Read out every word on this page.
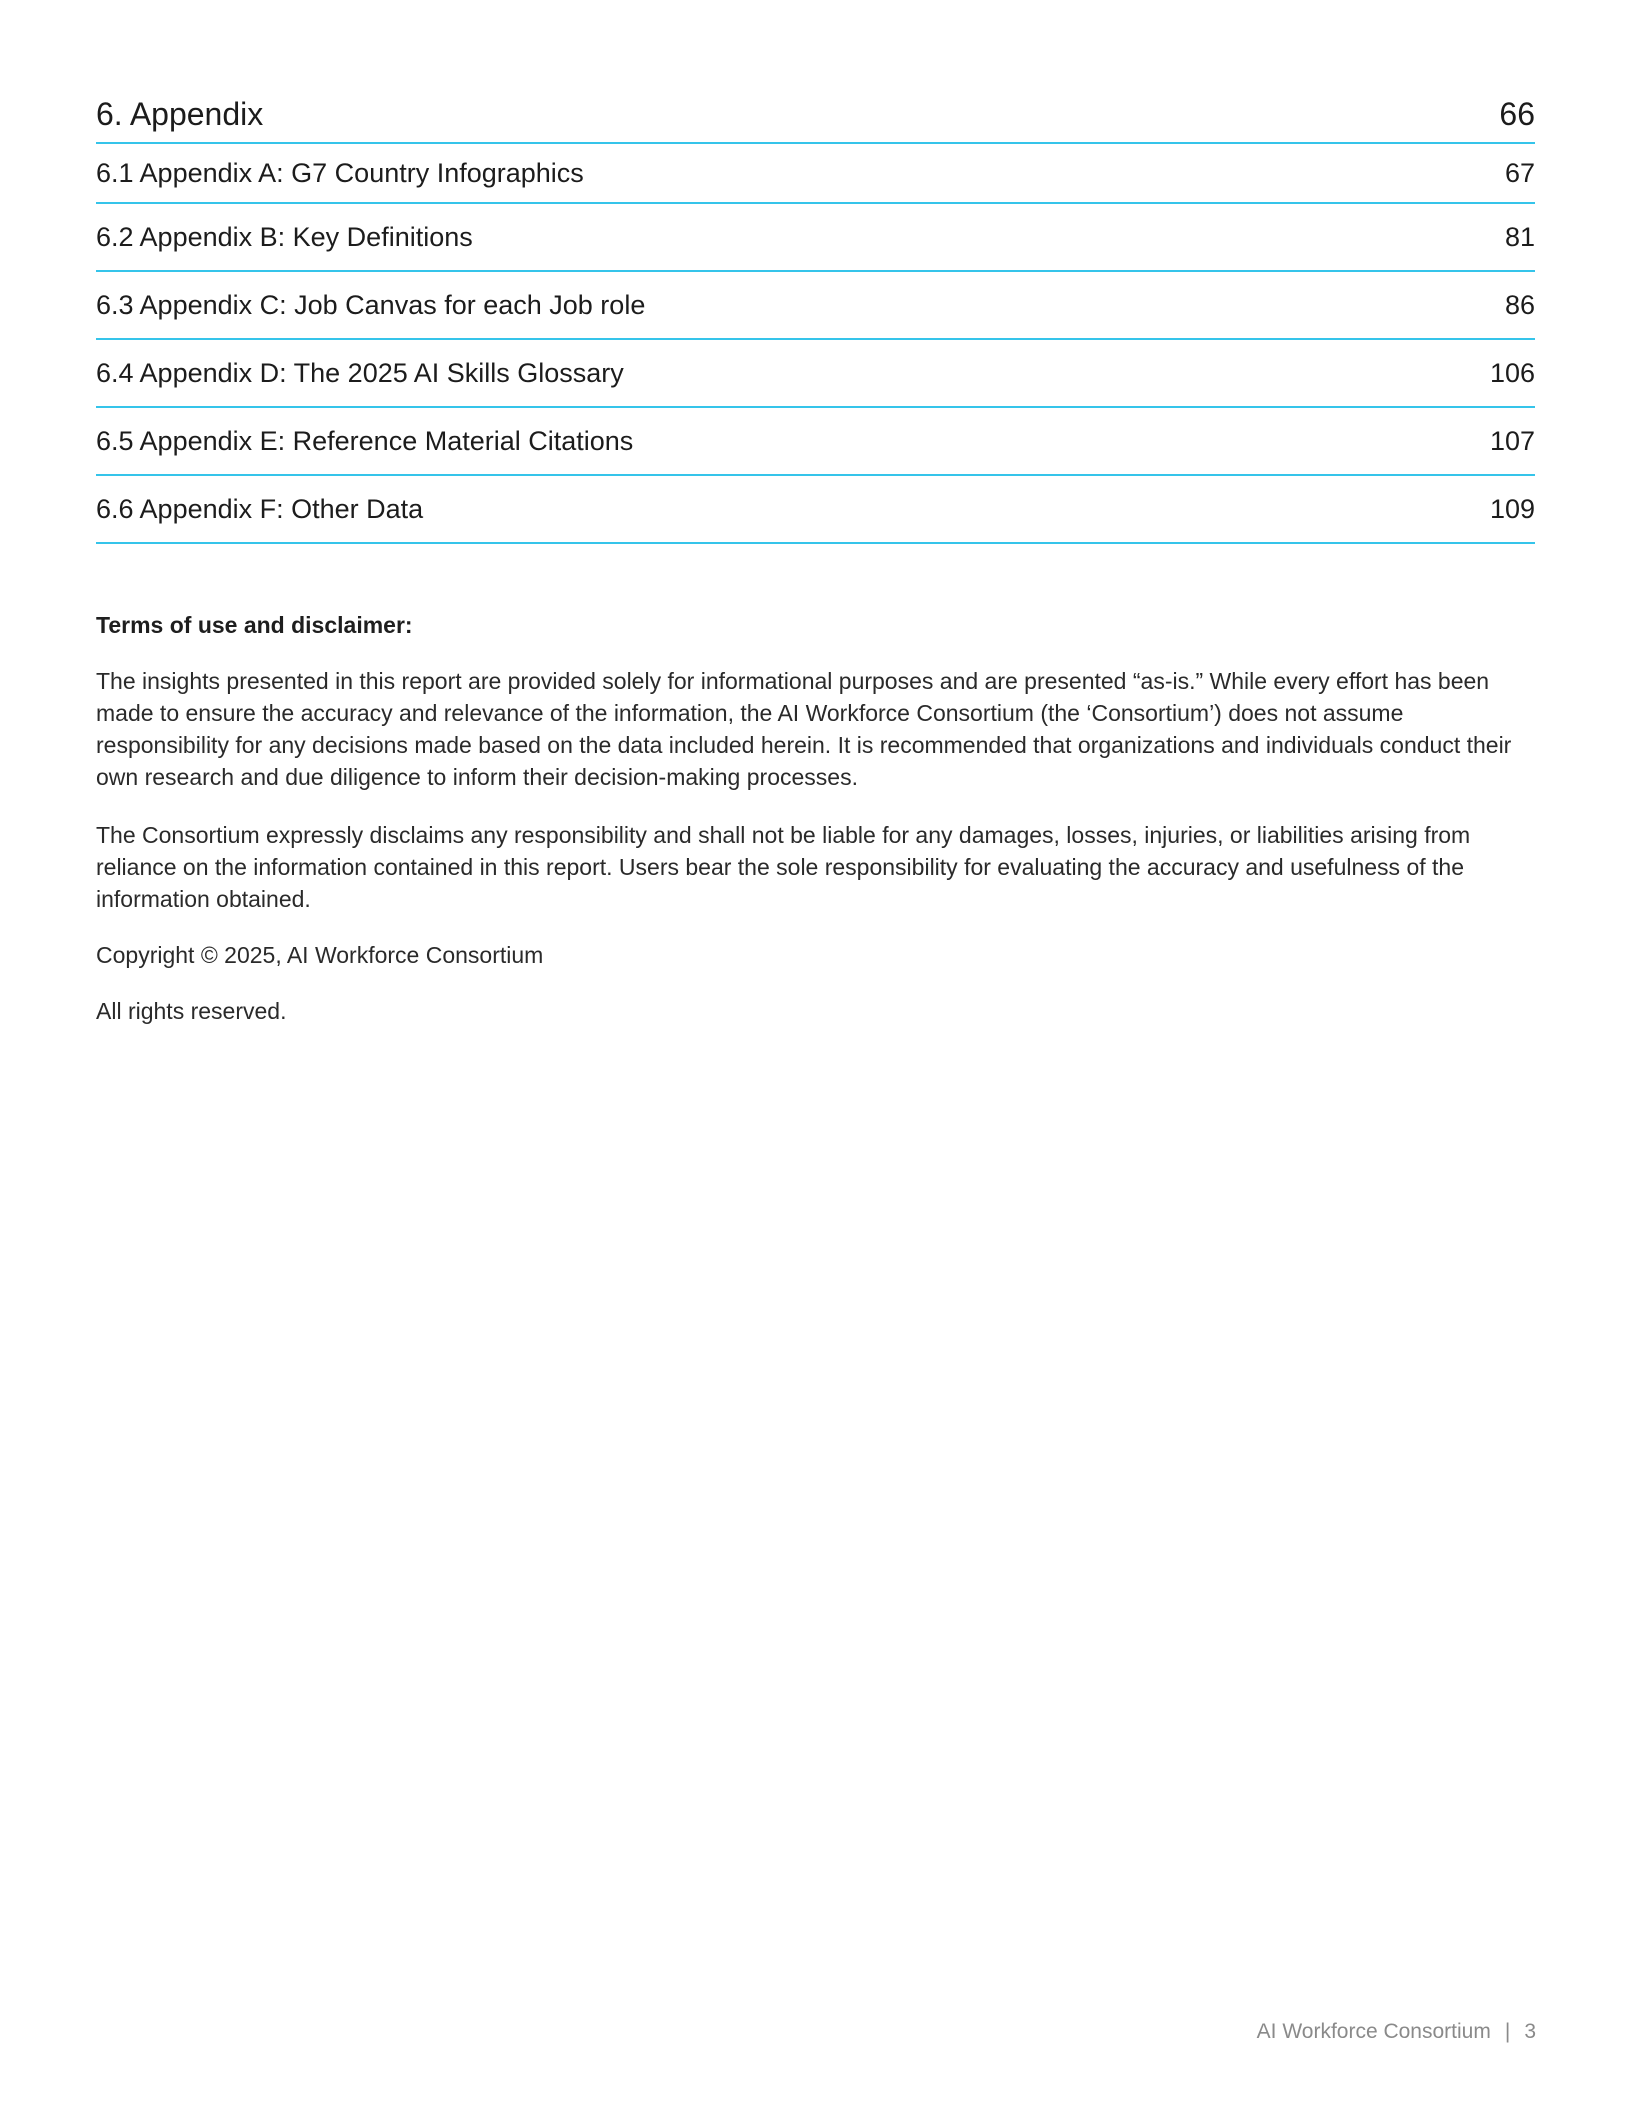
6. Appendix	66
6.1 Appendix A: G7 Country Infographics	67
6.2 Appendix B: Key Definitions	81
6.3 Appendix C: Job Canvas for each Job role	86
6.4 Appendix D: The 2025 AI Skills Glossary	106
6.5 Appendix E: Reference Material Citations	107
6.6 Appendix F: Other Data	109
Terms of use and disclaimer:

The insights presented in this report are provided solely for informational purposes and are presented “as-is.” While every effort has been made to ensure the accuracy and relevance of the information, the AI Workforce Consortium (the ‘Consortium’) does not assume responsibility for any decisions made based on the data included herein. It is recommended that organizations and individuals conduct their own research and due diligence to inform their decision-making processes.

The Consortium expressly disclaims any responsibility and shall not be liable for any damages, losses, injuries, or liabilities arising from reliance on the information contained in this report. Users bear the sole responsibility for evaluating the accuracy and usefulness of the information obtained.

Copyright © 2025, AI Workforce Consortium

All rights reserved.

AI Workforce Consortium | 3
